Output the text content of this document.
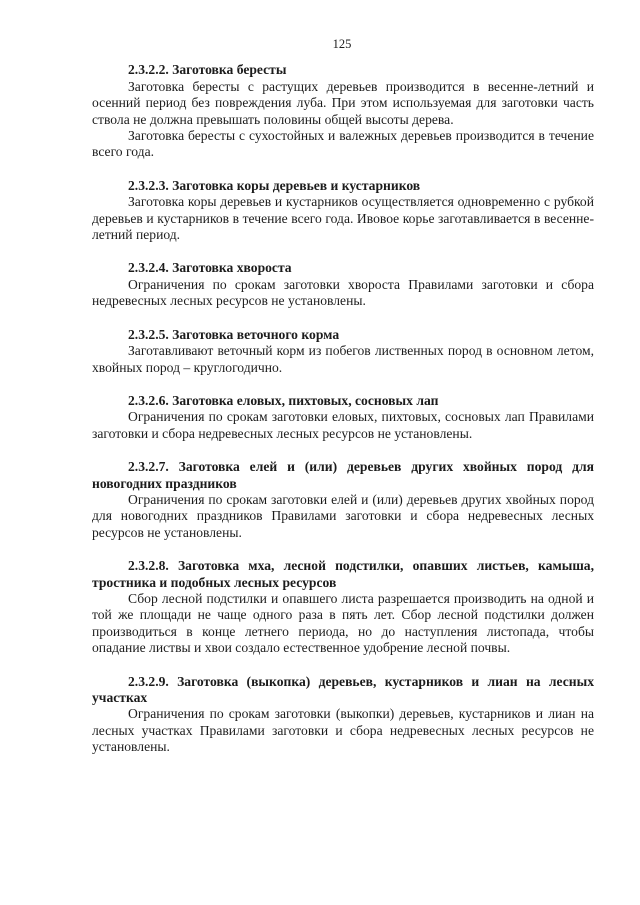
125

2.3.2.2. Заготовка бересты

Заготовка бересты с растущих деревьев производится в весенне-летний и осенний период без повреждения луба. При этом используемая для заготовки часть ствола не должна превышать половины общей высоты дерева.

Заготовка бересты с сухостойных и валежных деревьев производится в течение всего года.

2.3.2.3. Заготовка коры деревьев и кустарников

Заготовка коры деревьев и кустарников осуществляется одновременно с рубкой деревьев и кустарников в течение всего года. Ивовое корье заготавливается в весенне-летний период.

2.3.2.4. Заготовка хвороста

Ограничения по срокам заготовки хвороста Правилами заготовки и сбора недревесных лесных ресурсов не установлены.

2.3.2.5. Заготовка веточного корма

Заготавливают веточный корм из побегов лиственных пород в основном летом, хвойных пород – круглогодично.

2.3.2.6. Заготовка еловых, пихтовых, сосновых лап

Ограничения по срокам заготовки еловых, пихтовых, сосновых лап Правилами заготовки и сбора недревесных лесных ресурсов не установлены.

2.3.2.7. Заготовка елей и (или) деревьев других хвойных пород для новогодних праздников

Ограничения по срокам заготовки елей и (или) деревьев других хвойных пород для новогодних праздников Правилами заготовки и сбора недревесных лесных ресурсов не установлены.

2.3.2.8. Заготовка мха, лесной подстилки, опавших листьев, камыша, тростника и подобных лесных ресурсов

Сбор лесной подстилки и опавшего листа разрешается производить на одной и той же площади не чаще одного раза в пять лет. Сбор лесной подстилки должен производиться в конце летнего периода, но до наступления листопада, чтобы опадание листвы и хвои создало естественное удобрение лесной почвы.

2.3.2.9. Заготовка (выкопка) деревьев, кустарников и лиан на лесных участках

Ограничения по срокам заготовки (выкопки) деревьев, кустарников и лиан на лесных участках Правилами заготовки и сбора недревесных лесных ресурсов не установлены.
